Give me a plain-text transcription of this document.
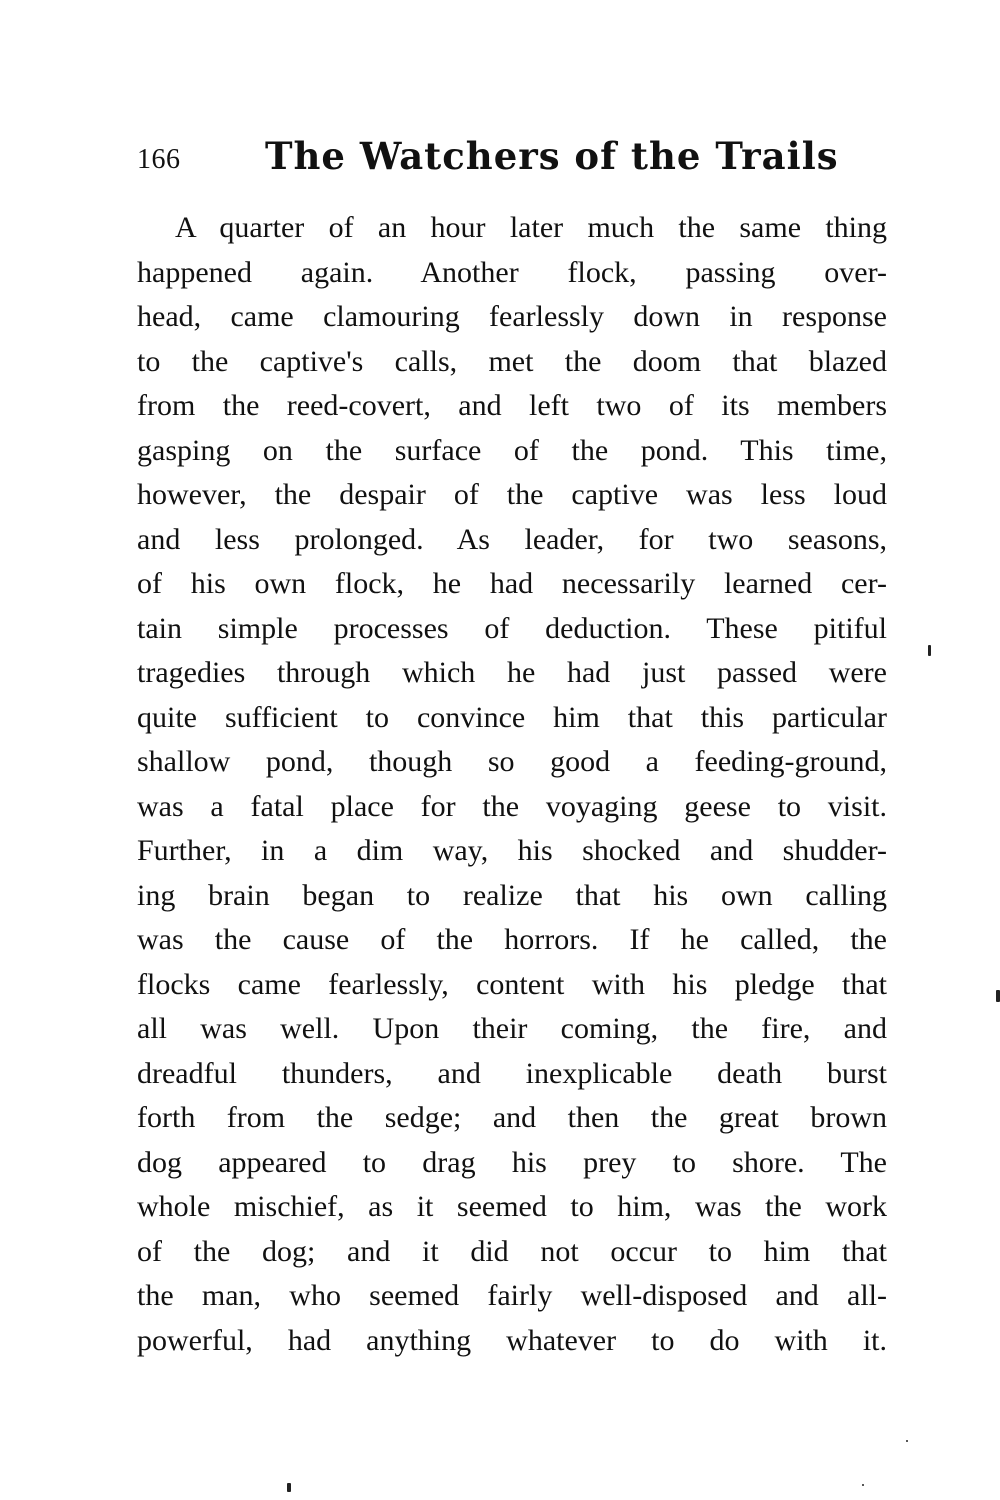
166 The Watchers of the Trails
A quarter of an hour later much the same thing
happened again. Another flock, passing over-
head, came clamouring fearlessly down in response
to the captive's calls, met the doom that blazed
from the reed-covert, and left two of its members
gasping on the surface of the pond. This time,
however, the despair of the captive was less loud
and less prolonged. As leader, for two seasons,
of his own flock, he had necessarily learned cer-
tain simple processes of deduction. These pitiful
tragedies through which he had just passed were
quite sufficient to convince him that this particular
shallow pond, though so good a feeding-ground,
was a fatal place for the voyaging geese to visit.
Further, in a dim way, his shocked and shudder-
ing brain began to realize that his own calling
was the cause of the horrors. If he called, the
flocks came fearlessly, content with his pledge that
all was well. Upon their coming, the fire, and
dreadful thunders, and inexplicable death burst
forth from the sedge; and then the great brown
dog appeared to drag his prey to shore. The
whole mischief, as it seemed to him, was the work
of the dog; and it did not occur to him that
the man, who seemed fairly well-disposed and all-
powerful, had anything whatever to do with it.
